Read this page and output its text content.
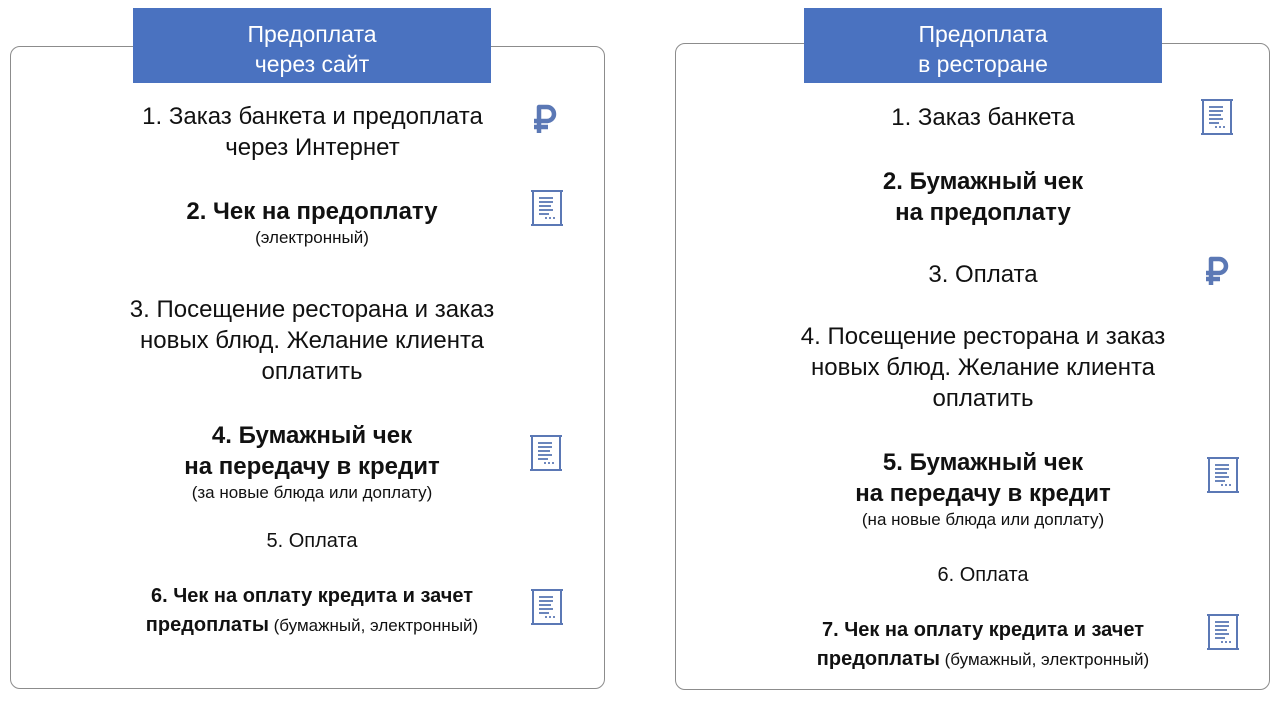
Предоплата
через сайт
1. Заказ банкета и предоплата
через Интернет
2. Чек на предоплату
(электронный)
3. Посещение ресторана и заказ
новых блюд. Желание клиента
оплатить
4. Бумажный чек
на передачу в кредит
(за новые блюда или доплату)
5. Оплата
6. Чек на оплату кредита и зачет
предоплаты (бумажный, электронный)
Предоплата
в ресторане
1. Заказ банкета
2. Бумажный чек
на предоплату
3. Оплата
4. Посещение ресторана и заказ
новых блюд. Желание клиента
оплатить
5. Бумажный чек
на передачу в кредит
(на новые блюда или доплату)
6. Оплата
7. Чек на оплату кредита и зачет
предоплаты (бумажный, электронный)
